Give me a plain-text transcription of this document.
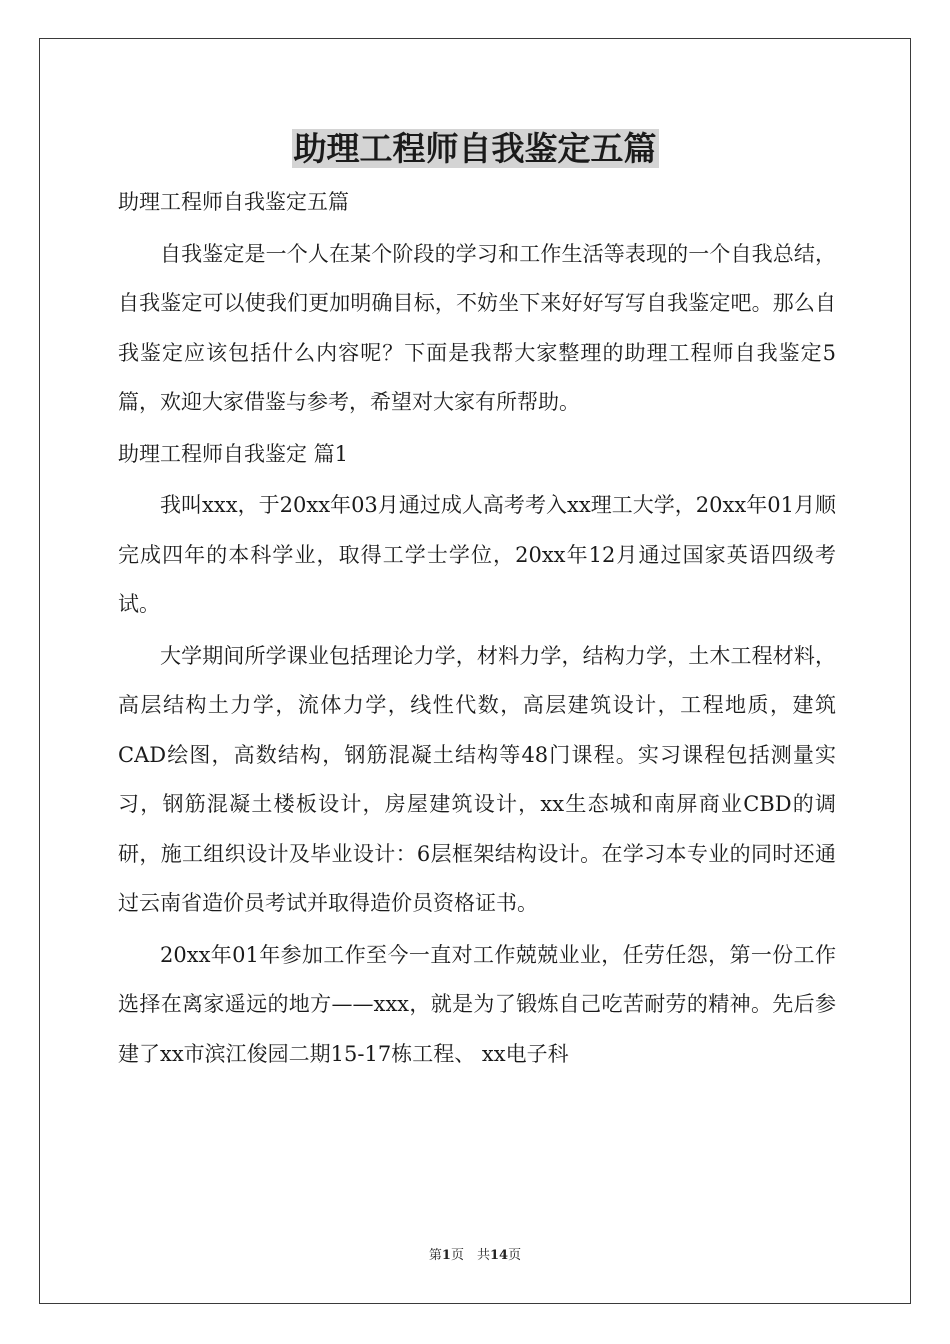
助理工程师自我鉴定五篇

助理工程师自我鉴定五篇

自我鉴定是一个人在某个阶段的学习和工作生活等表现的一个自我总结，自我鉴定可以使我们更加明确目标，不妨坐下来好好写写自我鉴定吧。那么自我鉴定应该包括什么内容呢？下面是我帮大家整理的助理工程师自我鉴定5篇，欢迎大家借鉴与参考，希望对大家有所帮助。

助理工程师自我鉴定 篇1

我叫xxx，于20xx年03月通过成人高考考入xx理工大学，20xx年01月顺完成四年的本科学业，取得工学士学位，20xx年12月通过国家英语四级考试。

大学期间所学课业包括理论力学，材料力学，结构力学，土木工程材料，高层结构土力学，流体力学，线性代数，高层建筑设计，工程地质，建筑CAD绘图，高数结构，钢筋混凝土结构等48门课程。实习课程包括测量实习，钢筋混凝土楼板设计，房屋建筑设计，xx生态城和南屏商业CBD的调研，施工组织设计及毕业设计：6层框架结构设计。在学习本专业的同时还通过云南省造价员考试并取得造价员资格证书。

20xx年01年参加工作至今一直对工作兢兢业业，任劳任怨，第一份工作选择在离家遥远的地方——xxx，就是为了锻炼自己吃苦耐劳的精神。先后参建了xx市滨江俊园二期15-17栋工程、 xx电子科

第1页　共14页
